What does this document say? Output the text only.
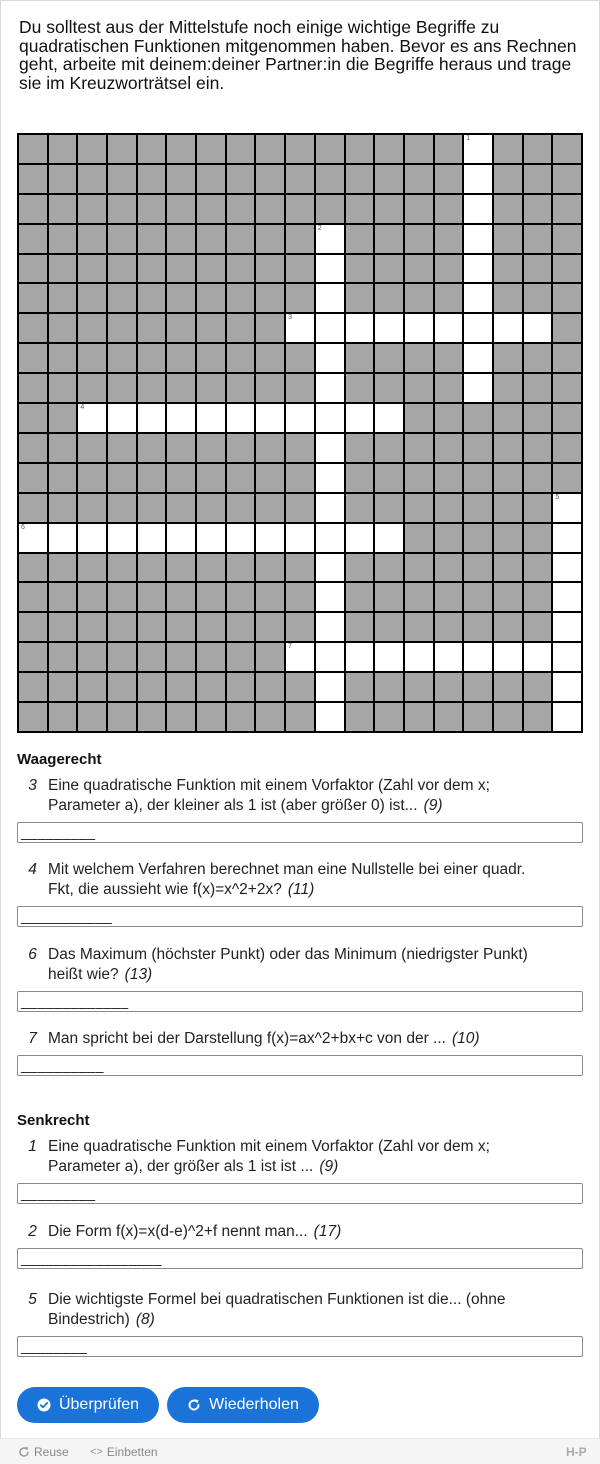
Du solltest aus der Mittelstufe noch einige wichtige Begriffe zu quadratischen Funktionen mitgenommen haben. Bevor es ans Rechnen geht, arbeite mit deinem:deiner Partner:in die Begriffe heraus und trage sie im Kreuzworträtsel ein.
1
2
3
4
5
6
7
Waagerecht
3 Eine quadratische Funktion mit einem Vorfaktor (Zahl vor dem x; Parameter a), der kleiner als 1 ist (aber größer 0) ist... (9)
_________
4 Mit welchem Verfahren berechnet man eine Nullstelle bei einer quadr. Fkt, die aussieht wie f(x)=x^2+2x? (11)
___________
6 Das Maximum (höchster Punkt) oder das Minimum (niedrigster Punkt) heißt wie? (13)
_____________
7 Man spricht bei der Darstellung f(x)=ax^2+bx+c von der ... (10)
__________
Senkrecht
1 Eine quadratische Funktion mit einem Vorfaktor (Zahl vor dem x; Parameter a), der größer als 1 ist ist ... (9)
_________
2 Die Form f(x)=x(d-e)^2+f nennt man... (17)
_________________
5 Die wichtigste Formel bei quadratischen Funktionen ist die... (ohne Bindestrich) (8)
________
Überprüfen	Wiederholen
Reuse <> Einbetten	H-P
